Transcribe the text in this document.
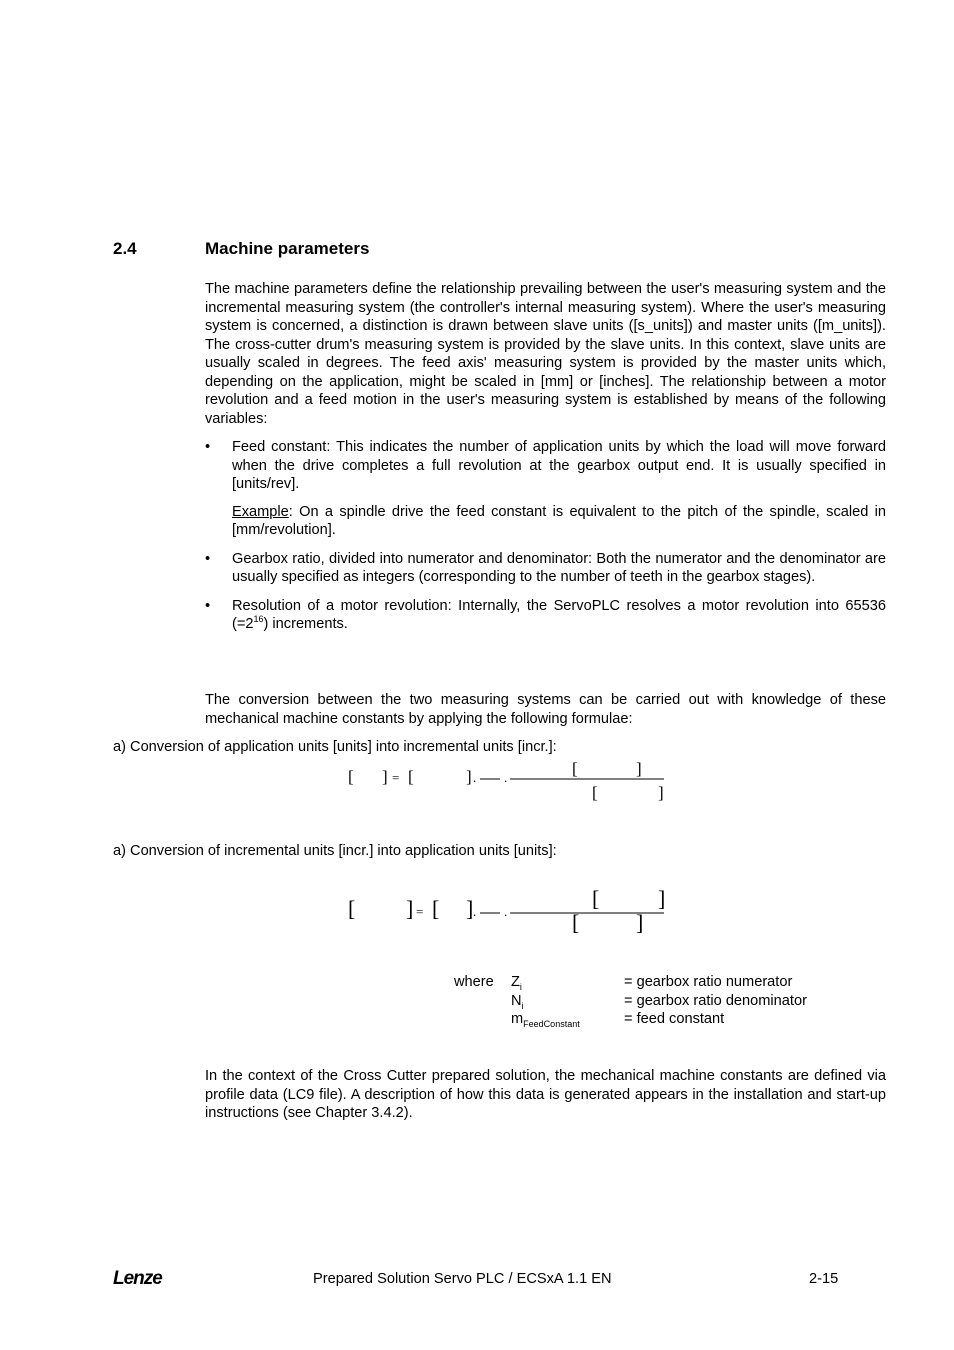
2.4	Machine parameters

The machine parameters define the relationship prevailing between the user's measuring system and the incremental measuring system (the controller's internal measuring system). Where the user's measuring system is concerned, a distinction is drawn between slave units ([s_units]) and master units ([m_units]). The cross-cutter drum's measuring system is provided by the slave units. In this context, slave units are usually scaled in degrees. The feed axis' measuring system is provided by the master units which, depending on the application, might be scaled in [mm] or [inches]. The relationship between a motor revolution and a feed motion in the user's measuring system is established by means of the following variables:

• Feed constant: This indicates the number of application units by which the load will move forward when the drive completes a full revolution at the gearbox output end. It is usually specified in [units/rev].
Example: On a spindle drive the feed constant is equivalent to the pitch of the spindle, scaled in [mm/revolution].
• Gearbox ratio, divided into numerator and denominator: Both the numerator and the denominator are usually specified as integers (corresponding to the number of teeth in the gearbox stages).
• Resolution of a motor revolution: Internally, the ServoPLC resolves a motor revolution into 65536 $(=2^{16})$ increments.

The conversion between the two measuring systems can be carried out with knowledge of these mechanical machine constants by applying the following formulae:

a) Conversion of application units [units] into incremental units [incr.]:
[ ] = [	] . .	[	]
[	]
a) Conversion of incremental units [incr.] into application units [units]:
[ ] = [ ] . .
[	]
[	]
where	$Z_i$	= gearbox ratio numerator
	$N_i$	= gearbox ratio denominator
	$m_{FeedConstant}$	= feed constant

In the context of the Cross Cutter prepared solution, the mechanical machine constants are defined via profile data (LC9 file). A description of how this data is generated appears in the installation and start-up instructions (see Chapter 3.4.2).

Lenze	Prepared Solution Servo PLC / ECSxA 1.1 EN	2-15
